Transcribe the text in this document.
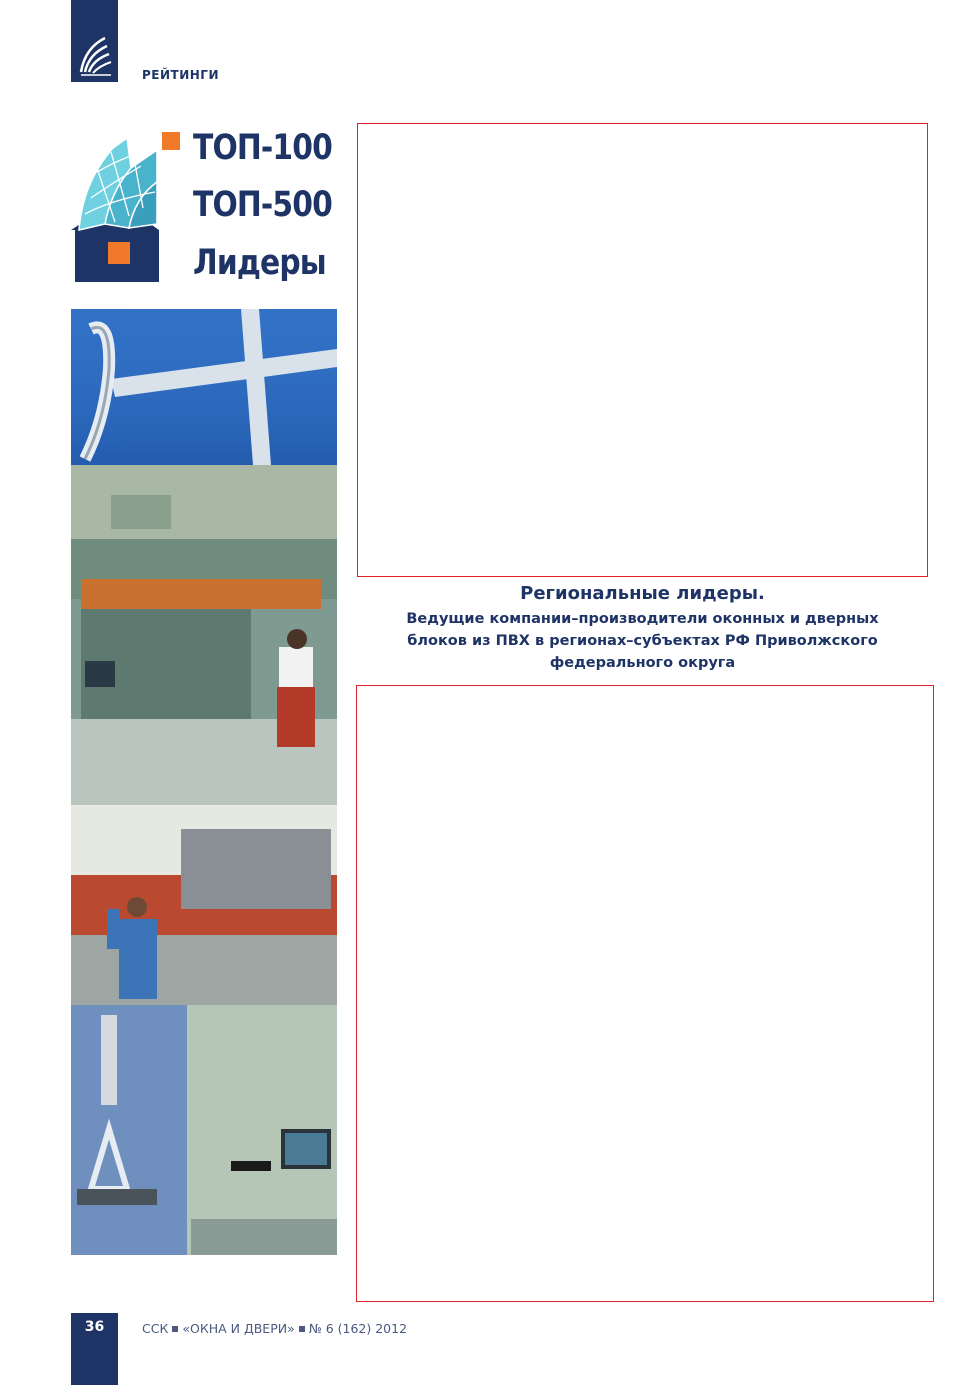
РЕЙТИНГИ
ТОП-100
ТОП-500
Лидеры

Региональные лидеры.

Ведущие компании–производители оконных и дверных
блоков из ПВХ в регионах–субъектах РФ Приволжского
федерального округа

36	ССК «ОКНА И ДВЕРИ» № 6 (162) 2012
